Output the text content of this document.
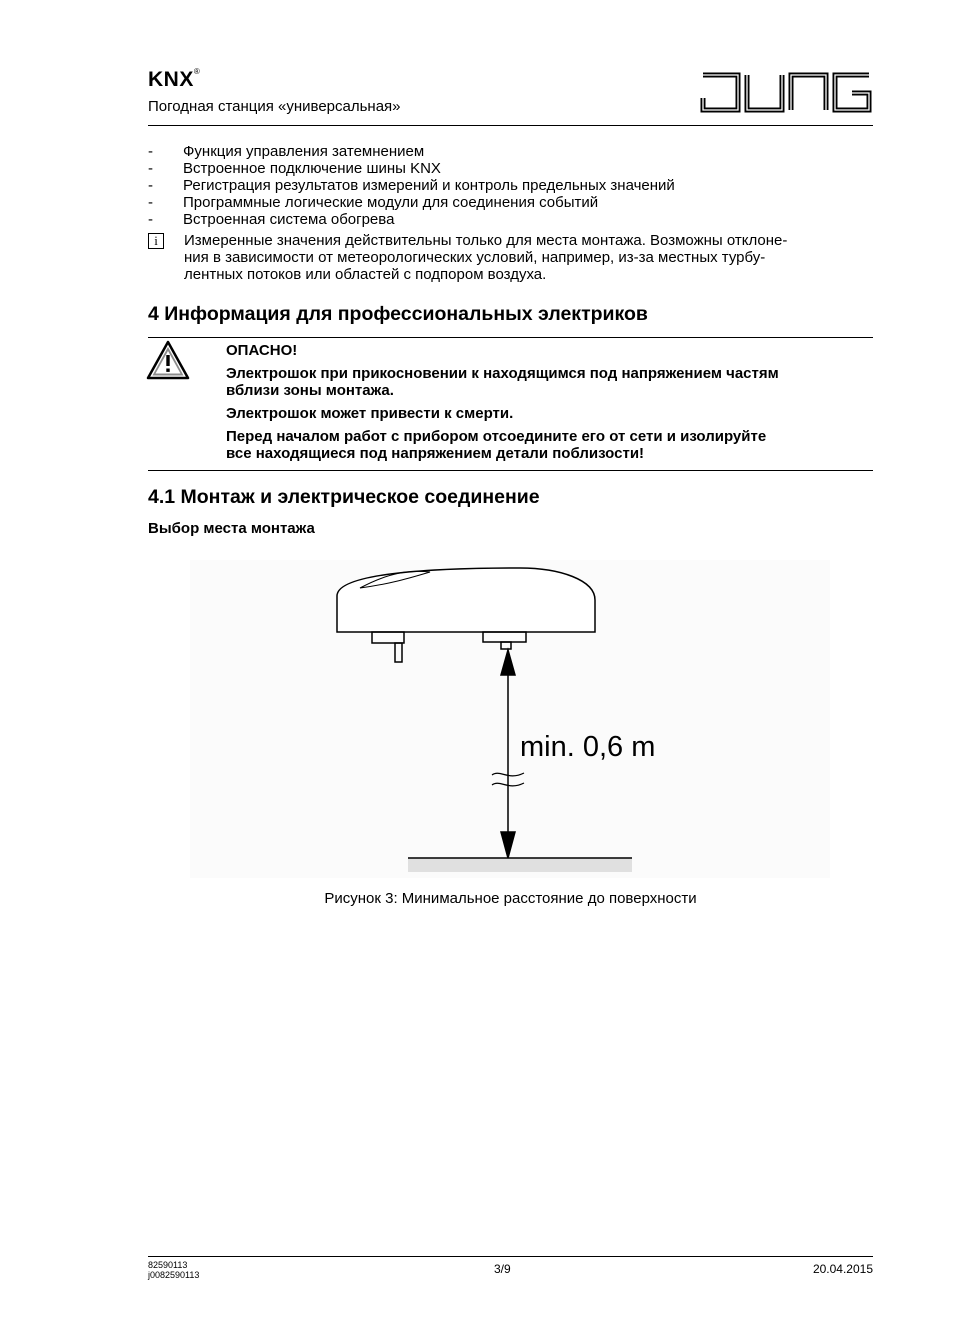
KNX®
Погодная станция «универсальная»
-	Функция управления затемнением
-	Встроенное подключение шины KNX
-	Регистрация результатов измерений и контроль предельных значений
-	Программные логические модули для соединения событий
-	Встроенная система обогрева
i	Измеренные значения действительны только для места монтажа. Возможны отклоне-
ния в зависимости от метеорологических условий, например, из-за местных турбу-
лентных потоков или областей с подпором воздуха.
4 Информация для профессиональных электриков

ОПАСНО!

Электрошок при прикосновении к находящимся под напряжением частям
вблизи зоны монтажа.

Электрошок может привести к смерти.

Перед началом работ с прибором отсоедините его от сети и изолируйте
все находящиеся под напряжением детали поблизости!

4.1 Монтаж и электрическое соединение
Выбор места монтажа
min. 0,6 m
Рисунок 3: Минимальное расстояние до поверхности
82590113
j0082590113	3/9	20.04.2015
